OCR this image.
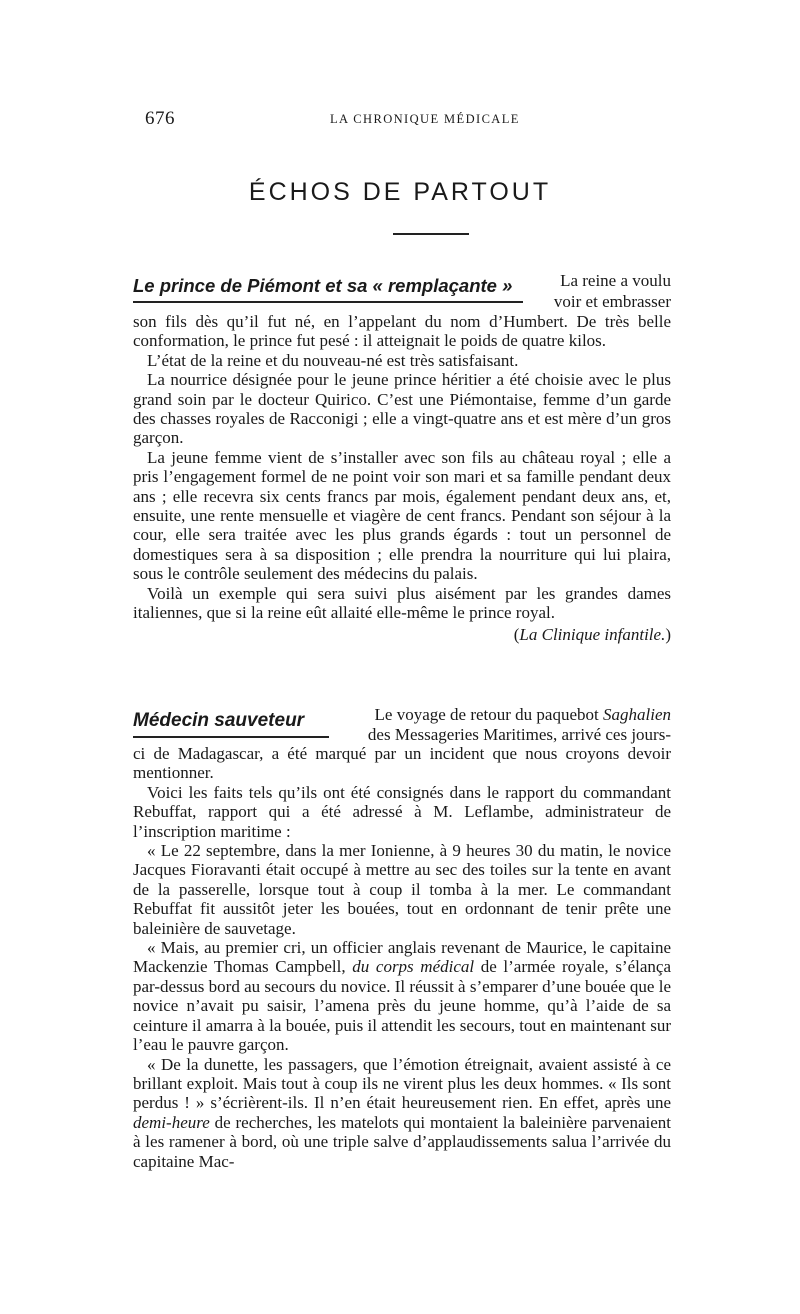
676	LA CHRONIQUE MÉDICALE
ÉCHOS DE PARTOUT
Le prince de Piémont et sa « remplaçante »	La reine a voulu
voir et embrasser

son fils dès qu’il fut né, en l’appelant du nom d’Humbert. De très belle conformation, le prince fut pesé : il atteignait le poids de quatre kilos.

L’état de la reine et du nouveau-né est très satisfaisant.

La nourrice désignée pour le jeune prince héritier a été choisie avec le plus grand soin par le docteur Quirico. C’est une Piémontaise, femme d’un garde des chasses royales de Racconigi ; elle a vingt-quatre ans et est mère d’un gros garçon.

La jeune femme vient de s’installer avec son fils au château royal ; elle a pris l’engagement formel de ne point voir son mari et sa famille pendant deux ans ; elle recevra six cents francs par mois, également pendant deux ans, et, ensuite, une rente mensuelle et viagère de cent francs. Pendant son séjour à la cour, elle sera traitée avec les plus grands égards : tout un personnel de domestiques sera à sa disposition ; elle prendra la nourriture qui lui plaira, sous le contrôle seulement des médecins du palais.

Voilà un exemple qui sera suivi plus aisément par les grandes dames italiennes, que si la reine eût allaité elle-même le prince royal.

(La Clinique infantile.)

Médecin sauveteur	Le voyage de retour du paquebot Saghalien
des Messageries Maritimes, arrivé ces jours-

ci de Madagascar, a été marqué par un incident que nous croyons devoir mentionner.

Voici les faits tels qu’ils ont été consignés dans le rapport du commandant Rebuffat, rapport qui a été adressé à M. Leflambe, administrateur de l’inscription maritime :

« Le 22 septembre, dans la mer Ionienne, à 9 heures 30 du matin, le novice Jacques Fioravanti était occupé à mettre au sec des toiles sur la tente en avant de la passerelle, lorsque tout à coup il tomba à la mer. Le commandant Rebuffat fit aussitôt jeter les bouées, tout en ordonnant de tenir prête une baleinière de sauvetage.

« Mais, au premier cri, un officier anglais revenant de Maurice, le capitaine Mackenzie Thomas Campbell, du corps médical de l’armée royale, s’élança par-dessus bord au secours du novice. Il réussit à s’emparer d’une bouée que le novice n’avait pu saisir, l’amena près du jeune homme, qu’à l’aide de sa ceinture il amarra à la bouée, puis il attendit les secours, tout en maintenant sur l’eau le pauvre garçon.

« De la dunette, les passagers, que l’émotion étreignait, avaient assisté à ce brillant exploit. Mais tout à coup ils ne virent plus les deux hommes. « Ils sont perdus ! » s’écrièrent-ils. Il n’en était heureusement rien. En effet, après une demi-heure de recherches, les matelots qui montaient la baleinière parvenaient à les ramener à bord, où une triple salve d’applaudissements salua l’arrivée du capitaine Mac-
